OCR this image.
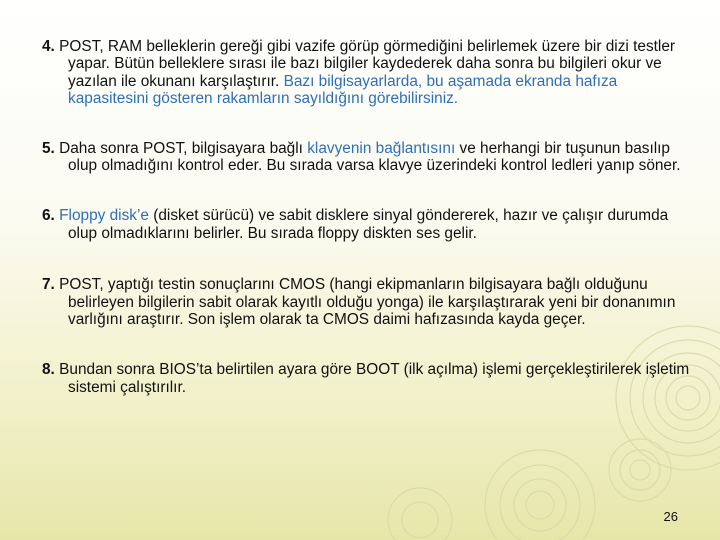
4. POST, RAM belleklerin gereği gibi vazife görüp görmediğini belirlemek üzere bir dizi testler yapar. Bütün belleklere sırası ile bazı bilgiler kaydederek daha sonra bu bilgileri okur ve yazılan ile okunanı karşılaştırır. Bazı bilgisayarlarda, bu aşamada ekranda hafıza kapasitesini gösteren rakamların sayıldığını görebilirsiniz.

5. Daha sonra POST, bilgisayara bağlı klavyenin bağlantısını ve herhangi bir tuşunun basılıp olup olmadığını kontrol eder. Bu sırada varsa klavye üzerindeki kontrol ledleri yanıp söner.

6. Floppy disk’e (disket sürücü) ve sabit disklere sinyal göndererek, hazır ve çalışır durumda olup olmadıklarını belirler. Bu sırada floppy diskten ses gelir.

7. POST, yaptığı testin sonuçlarını CMOS (hangi ekipmanların bilgisayara bağlı olduğunu belirleyen bilgilerin sabit olarak kayıtlı olduğu yonga) ile karşılaştırarak yeni bir donanımın varlığını araştırır. Son işlem olarak ta CMOS daimi hafızasında kayda geçer.

8. Bundan sonra BIOS’ta belirtilen ayara göre BOOT (ilk açılma) işlemi gerçekleştirilerek işletim sistemi çalıştırılır.

26
